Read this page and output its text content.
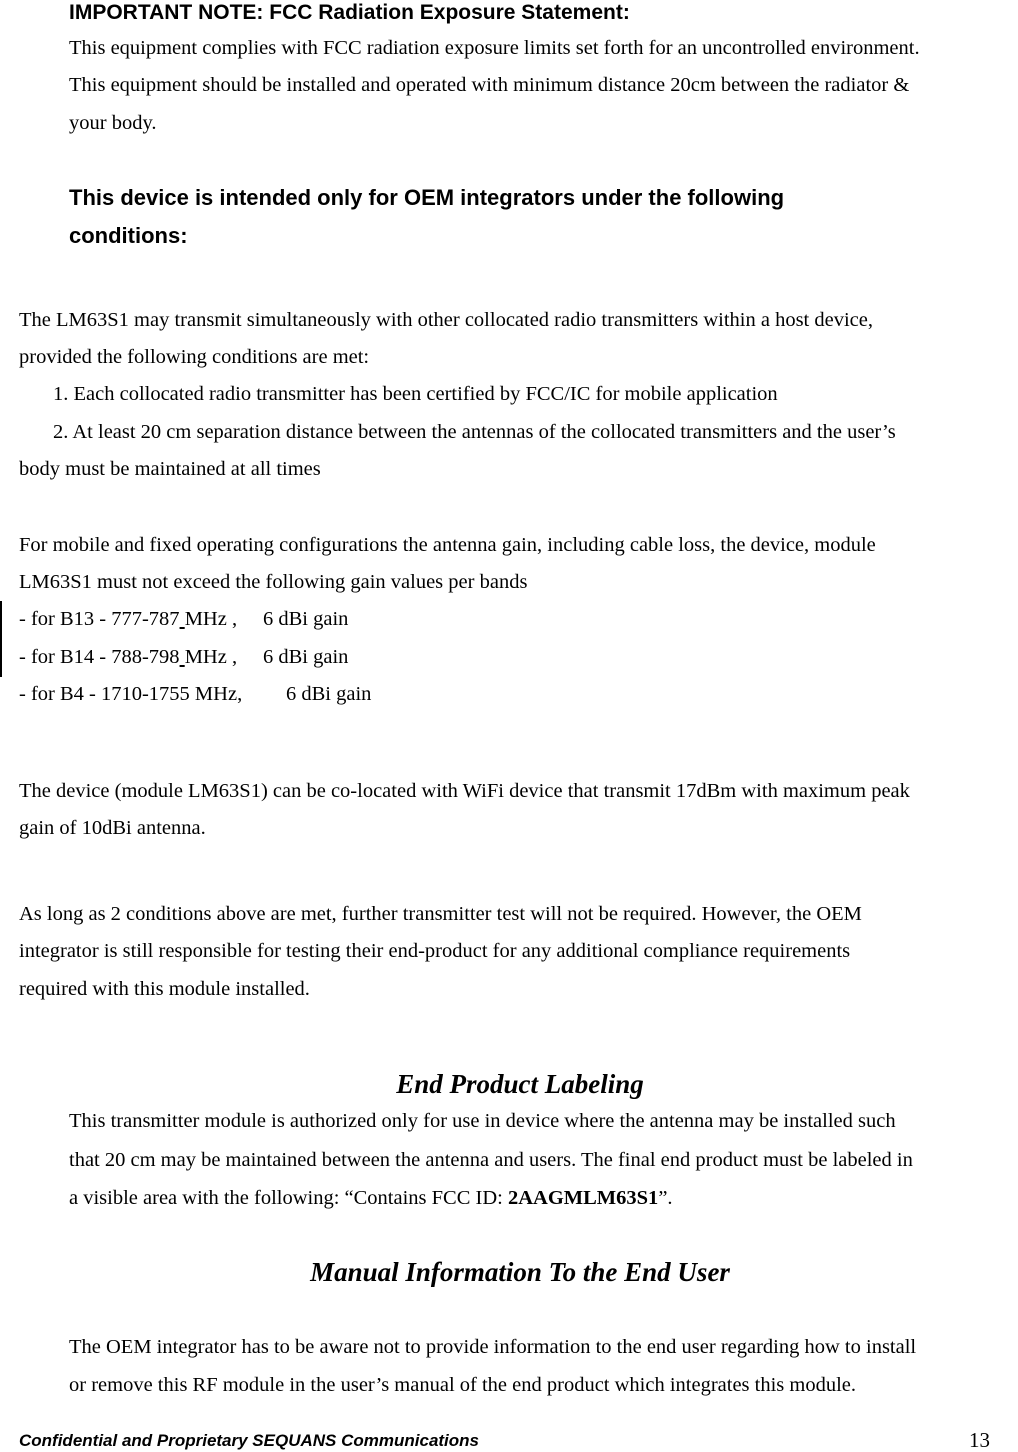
IMPORTANT NOTE: FCC Radiation Exposure Statement:
This equipment complies with FCC radiation exposure limits set forth for an uncontrolled environment.
This equipment should be installed and operated with minimum distance 20cm between the radiator &
your body.
This device is intended only for OEM integrators under the following
conditions:
The LM63S1 may transmit simultaneously with other collocated radio transmitters within a host device,
provided the following conditions are met:
1. Each collocated radio transmitter has been certified by FCC/IC for mobile application
2. At least 20 cm separation distance between the antennas of the collocated transmitters and the user’s
body must be maintained at all times
For mobile and fixed operating configurations the antenna gain, including cable loss, the device, module
LM63S1 must not exceed the following gain values per bands
- for B13 - 777-787 MHz , 6 dBi gain
- for B14 - 788-798 MHz , 6 dBi gain
- for B4 - 1710-1755 MHz, 6 dBi gain
The device (module LM63S1) can be co-located with WiFi device that transmit 17dBm with maximum peak
gain of 10dBi antenna.
As long as 2 conditions above are met, further transmitter test will not be required. However, the OEM
integrator is still responsible for testing their end-product for any additional compliance requirements
required with this module installed.
End Product Labeling
This transmitter module is authorized only for use in device where the antenna may be installed such
that 20 cm may be maintained between the antenna and users. The final end product must be labeled in
a visible area with the following: “Contains FCC ID: 2AAGMLM63S1”.
Manual Information To the End User
The OEM integrator has to be aware not to provide information to the end user regarding how to install
or remove this RF module in the user’s manual of the end product which integrates this module.
Confidential and Proprietary SEQUANS Communications	13
